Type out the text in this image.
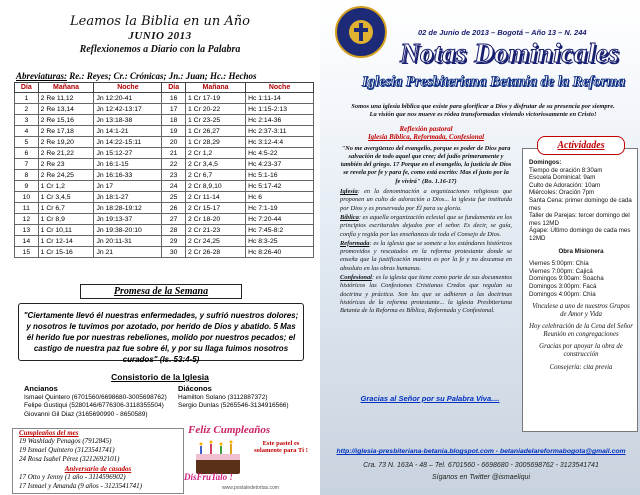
Leamos la Biblia en un Año
JUNIO 2013
Reflexionemos a Diario con la Palabra
Abreviaturas: Re.: Reyes; Cr.: Crónicas; Jn.: Juan; Hc.: Hechos
Día	Mañana	Noche	Día	Mañana	Noche
1	2 Re 11,12	Jn 12:20-41	16	1 Cr 17-19	Hc 1:11-14
2	2 Re 13,14	Jn 12:42-13:17	17	1 Cr 20-22	Hc 1:15-2:13
3	2 Re 15,16	Jn 13:18-38	18	1 Cr 23-25	Hc 2:14-36
4	2 Re 17,18	Jn 14:1-21	19	1 Cr 26,27	Hc 2:37-3:11
5	2 Re 19,20	Jn 14:22-15:11	20	1 Cr 28,29	Hc 3:12-4:4
6	2 Re 21,22	Jn 15:12-27	21	2 Cr 1,2	Hc 4:5-22
7	2 Re 23	Jn 16:1-15	22	2 Cr 3,4,5	Hc 4:23-37
8	2 Re 24,25	Jn 16:16-33	23	2 Cr 6,7	Hc 5:1-16
9	1 Cr 1,2	Jn 17	24	2 Cr 8,9,10	Hc 5:17-42
10	1 Cr 3,4,5	Jn 18:1-27	25	2 Cr 11-14	Hc 6
11	1 Cr 6,7	Jn 18:28-19:12	26	2 Cr 15-17	Hc 7:1-19
12	1 Cr 8,9	Jn 19:13-37	27	2 Cr 18-20	Hc 7:20-44
13	1 Cr 10,11	Jn 19:38-20:10	28	2 Cr 21-23	Hc 7:45-8:2
14	1 Cr 12-14	Jn 20:11-31	29	2 Cr 24,25	Hc 8:3-25
15	1 Cr 15-16	Jn 21	30	2 Cr 26-28	Hc 8:26-40
Promesa de la Semana
"Ciertamente llevó él nuestras enfermedades, y sufrió nuestros dolores; y nosotros le tuvimos por azotado, por herido de Dios y abatido. 5 Mas él herido fue por nuestras rebeliones, molido por nuestros pecados; el castigo de nuestra paz fue sobre él, y por su llaga fuimos nosotros curados" (Is. 53:4-5)
Consistorio de la Iglesia
Ancianos
Ismael Quintero (6701560/6698680-3005698762)
Felipe Gustiqui (5280146/6776306-3118355504)
Giovanni Gil Diaz (3165690990 - 8650589)
Diáconos
Hamilton Solano (3112887372)
Sergio Dunlas (5265546-3134916566)
Cumpleaños del mes
19 Washlady Penagos (7912845)
19 Ismael Quintero (3123541741)
24 Rosa Isabel Pérez (3212692101)
Aniversario de casados
17 Otto y Jenny (1 año - 3114596902)
17 Ismael y Amanda (9 años - 3123541741)
Feliz Cumpleaños
Este pastel es solamente para Ti !
DisFruTalo !
www.postaledetortas.com
02 de Junio de 2013 – Bogotá – Año 13 – N. 244
Notas Dominicales
Iglesia Presbiteriana Betania de la Reforma
Somos una iglesia bíblica que existe para glorificar a Dios y disfrutar de su presencia por siempre. La visión que nos mueve es ródea transformadas viviendo victoriosamente en Cristo!
Reflexión pastoral
Iglesia Bíblica, Reformada, Confesional
"No me avergüenzo del evangelio, porque es poder de Dios para salvación de todo aquel que cree; del judío primeramente y también del griego. 17 Porque en el evangelio, la justicia de Dios se revela por fe y para fe, como está escrito: Mas el justo por la fe vivirá" (Ro. 1.16-17)

Iglesia: en la denominación a organizaciones religiosas que proponen un culto de adoración a Dios... la iglesia fue instituida por Dios y es preservada por Él para su gloria.

Bíblica: es aquella organización eclesial que se fundamenta en los principios escriturales dejados por el señor. Es decir, se guía, confía y regida por las enseñanzas de toda el Consejo de Dios.

Reformada: es la iglesia que se somete a los estándares históricos promovidos y rescatados en la reforma protestante donde se enseña que la justificación mantra es por la fe y no descansa en absoluto en las obras humanas.

Confesional: es la iglesia que tiene como parte de sus documentos históricos las Confesiones Cristianas Credos que regulan su doctrina y práctica. Son las que se adhieren a las doctrinas históricas de la reforma protestante... la iglesia Presbiteriana Betania de la Reforma es Bíblica, Reformada y Confesional.

Gracias al Señor por su Palabra Viva....
Actividades
Domingos:
Tiempo de oración 8:30am
Escuela Dominical: 9am
Culto de Adoración: 10am
Miércoles: Oración 7pm
Santa Cena: primer domingo de cada mes
Taller de Parejas: tercer domingo del mes 12MD
Ágape: Último domingo de cada mes 12MD
Obra Misionera
Viernes 5:00pm: Chía
Viernes 7:00pm: Cajicá
Domingos 9:00am: Soacha
Domingos 3:00pm: Facá
Domingos 4:00pm: Chía
Vinculese a uno de nuestros Grupos de Amor y Vida
Hoy celebración de la Cena del Señor Reunión en congregaciones
Gracias por apoyar la obra de construcción
Consejería: cita previa
http://iglesia-presbiteriana-betania.blogspot.com - betaniadelareformabogota@gmail.com
Cra. 73 N. 163A - 48 – Tel. 6701560 - 6698680 - 3005698762 - 3123541741
Síganos en Twitter @ismaeliqui
